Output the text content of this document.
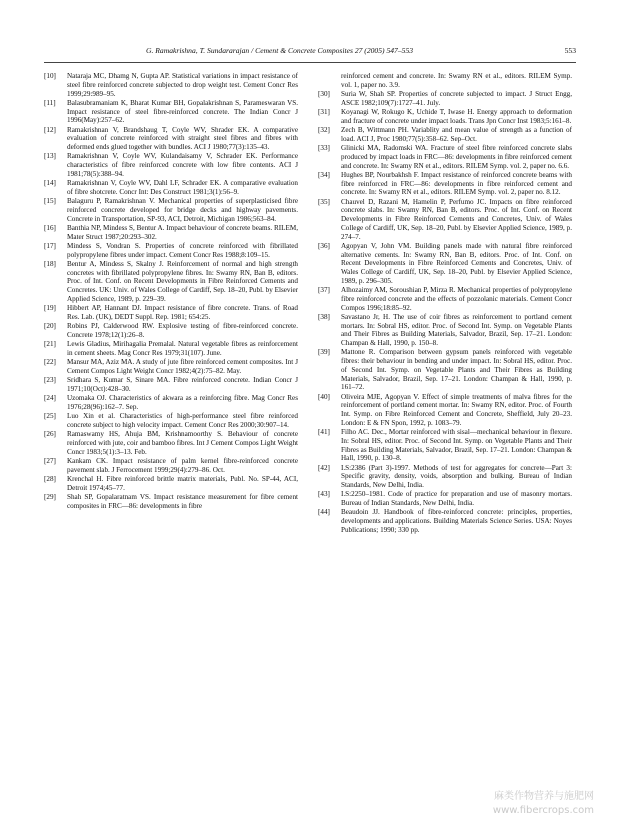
G. Ramakrishna, T. Sundararajan / Cement & Concrete Composites 27 (2005) 547–553	553
[10] Nataraja MC, Dhamg N, Gupta AP. Statistical variations in impact resistance of steel fibre reinforced concrete subjected to drop weight test. Cement Concr Res 1999;29:989–95.
[11] Balasubramaniam K, Bharat Kumar BH, Gopalakrishnan S, Parameswaran VS. Impact resistance of steel fibre-reinforced concrete. The Indian Concr J 1996(May):257–62.
[12] Ramakrishnan V, Brandshaug T, Coyle WV, Shrader EK. A comparative evaluation of concrete reinforced with straight steel fibres and fibres with deformed ends glued together with bundles. ACI J 1980;77(3):135–43.
[13] Ramakrishnan V, Coyle WV, Kulandaisamy V, Schrader EK. Performance characteristics of fibre reinforced concrete with low fibre contents. ACI J 1981;78(5):388–94.
[14] Ramakrishnan V, Coyle WV, Dahl LF, Schrader EK. A comparative evaluation of fibre shotcrete. Concr Int: Des Construct 1981;3(1):56–9.
[15] Balaguru P, Ramakrishnan V. Mechanical properties of superplasticised fibre reinforced concrete developed for bridge decks and highway pavements. Concrete in Transportation, SP-93, ACI, Detroit, Michigan 1986;563–84.
[16] Banthia NP, Mindess S, Bentur A. Impact behaviour of concrete beams. RILEM, Mater Struct 1987;20:293–302.
[17] Mindess S, Vondran S. Properties of concrete reinforced with fibrillated polypropylene fibres under impact. Cement Concr Res 1988;8:109–15.
[18] Bentur A, Mindess S, Skalny J. Reinforcement of normal and high strength concretes with fibrillated polypropylene fibres. In: Swamy RN, Ban B, editors. Proc. of Int. Conf. on Recent Developments in Fibre Reinforced Cements and Concretes. UK: Univ. of Wales College of Cardiff, Sep. 18–20, Publ. by Elsevier Applied Science, 1989, p. 229–39.
[19] Hibbert AP, Hannant DJ. Impact resistance of fibre concrete. Trans. of Road Res. Lab. (UK), DEDT Suppl. Rep. 1981; 654:25.
[20] Robins PJ, Calderwood RW. Explosive testing of fibre-reinforced concrete. Concrete 1978;12(1):26–8.
[21] Lewis Gladius, Mirihagalia Premalal. Natural vegetable fibres as reinforcement in cement sheets. Mag Concr Res 1979;31(107). June.
[22] Mansur MA, Aziz MA. A study of jute fibre reinforced cement composites. Int J Cement Compos Light Weight Concr 1982;4(2):75–82. May.
[23] Sridhara S, Kumar S, Sinare MA. Fibre reinforced concrete. Indian Concr J 1971;10(Oct):428–30.
[24] Uzomaka OJ. Characteristics of akwara as a reinforcing fibre. Mag Concr Res 1976;28(96):162–7. Sep.
[25] Luo Xin et al. Characteristics of high-performance steel fibre reinforced concrete subject to high velocity impact. Cement Concr Res 2000;30:907–14.
[26] Ramaswamy HS, Ahuja BM, Krishnamoorthy S. Behaviour of concrete reinforced with jute, coir and bamboo fibres. Int J Cement Compos Light Weight Concr 1983;5(1):3–13. Feb.
[27] Kankam CK. Impact resistance of palm kernel fibre-reinforced concrete pavement slab. J Ferrocement 1999;29(4):279–86. Oct.
[28] Krenchal H. Fibre reinforced brittle matrix materials, Publ. No. SP-44, ACI, Detroit 1974;45–77.
[29] Shah SP, Gopalaratnam VS. Impact resistance measurement for fibre cement composites in FRC—86: developments in fibre
reinforced cement and concrete. In: Swamy RN et al., editors. RILEM Symp. vol. 1, paper no. 3.9.
[30] Suria W, Shah SP. Properties of concrete subjected to impact. J Struct Engg, ASCE 1982;109(7):1727–41. July.
[31] Koyanagi W, Rokugo K, Uchide T, Iwase H. Energy approach to deformation and fracture of concrete under impact loads. Trans Jpn Concr Inst 1983;5:161–8.
[32] Zech B, Wittmann PH. Variablity and mean value of strength as a function of load. ACI J, Proc 1980;77(5):358–62. Sep–Oct.
[33] Glinicki MA, Radomski WA. Fracture of steel fibre reinforced concrete slabs produced by impact loads in FRC—86: developments in fibre reinforced cement and concrete. In: Swamy RN et al., editors. RILEM Symp. vol. 2, paper no. 6.6.
[34] Hughes BP, Nourbakhsh F. Impact resistance of reinforced concrete beams with fibre reinforced in FRC—86: developments in fibre reinforced cement and concrete. In: Swamy RN et al., editors. RILEM Symp. vol. 2, paper no. 8.12.
[35] Chauvel D, Razani M, Hamelin P, Perfumo JC. Impacts on fibre reinforced concrete slabs. In: Swamy RN, Ban B, editors. Proc. of Int. Conf. on Recent Developments in Fibre Reinforced Cements and Concretes, Univ. of Wales College of Cardiff, UK, Sep. 18–20, Publ. by Elsevier Applied Science, 1989, p. 274–7.
[36] Agopyan V, John VM. Building panels made with natural fibre reinforced alternative cements. In: Swamy RN, Ban B, editors. Proc. of Int. Conf. on Recent Developments in Fibre Reinforced Cements and Concretes, Univ. of Wales College of Cardiff, UK, Sep. 18–20, Publ. by Elsevier Applied Science, 1989, p. 296–305.
[37] Alhozaimy AM, Soroushian P, Mirza R. Mechanical properties of polypropylene fibre reinforced concrete and the effects of pozzolanic materials. Cement Concr Compos 1996;18:85–92.
[38] Savastano Jr, H. The use of coir fibres as reinforcement to portland cement mortars. In: Sobral HS, editor. Proc. of Second Int. Symp. on Vegetable Plants and Their Fibres as Building Materials, Salvador, Brazil, Sep. 17–21. London: Champan & Hall, 1990, p. 150–8.
[39] Mattone R. Comparison between gypsum panels reinforced with vegetable fibres: their behaviour in bending and under impact. In: Sobral HS, editor. Proc. of Second Int. Symp. on Vegetable Plants and Their Fibres as Building Materials, Salvador, Brazil, Sep. 17–21. London: Champan & Hall, 1990, p. 161–72.
[40] Oliveira MJE, Agopyan V. Effect of simple treatments of malva fibres for the reinforcement of portland cement mortar. In: Swamy RN, editor. Proc. of Fourth Int. Symp. on Fibre Reinforced Cement and Concrete, Sheffield, July 20–23. London: E & FN Spon, 1992, p. 1083–79.
[41] Filho AC. Dec., Mortar reinforced with sisal—mechanical behaviour in flexure. In: Sobral HS, editor. Proc. of Second Int. Symp. on Vegetable Plants and Their Fibres as Building Materials, Salvador, Brazil, Sep. 17–21. London: Champan & Hall, 1990, p. 130–8.
[42] I.S:2386 (Part 3)-1997. Methods of test for aggregates for concrete—Part 3: Specific gravity, density, voids, absorption and bulking. Bureau of Indian Standards, New Delhi, India.
[43] I.S:2250–1981. Code of practice for preparation and use of masonry mortars. Bureau of Indian Standards, New Delhi, India.
[44] Beaudoin JJ. Handbook of fibre-reinforced concrete: principles, properties, developments and applications. Building Materials Science Series. USA: Noyes Publications; 1990; 330 pp.
麻类作物营养与施肥网
www.fibercrops.com
